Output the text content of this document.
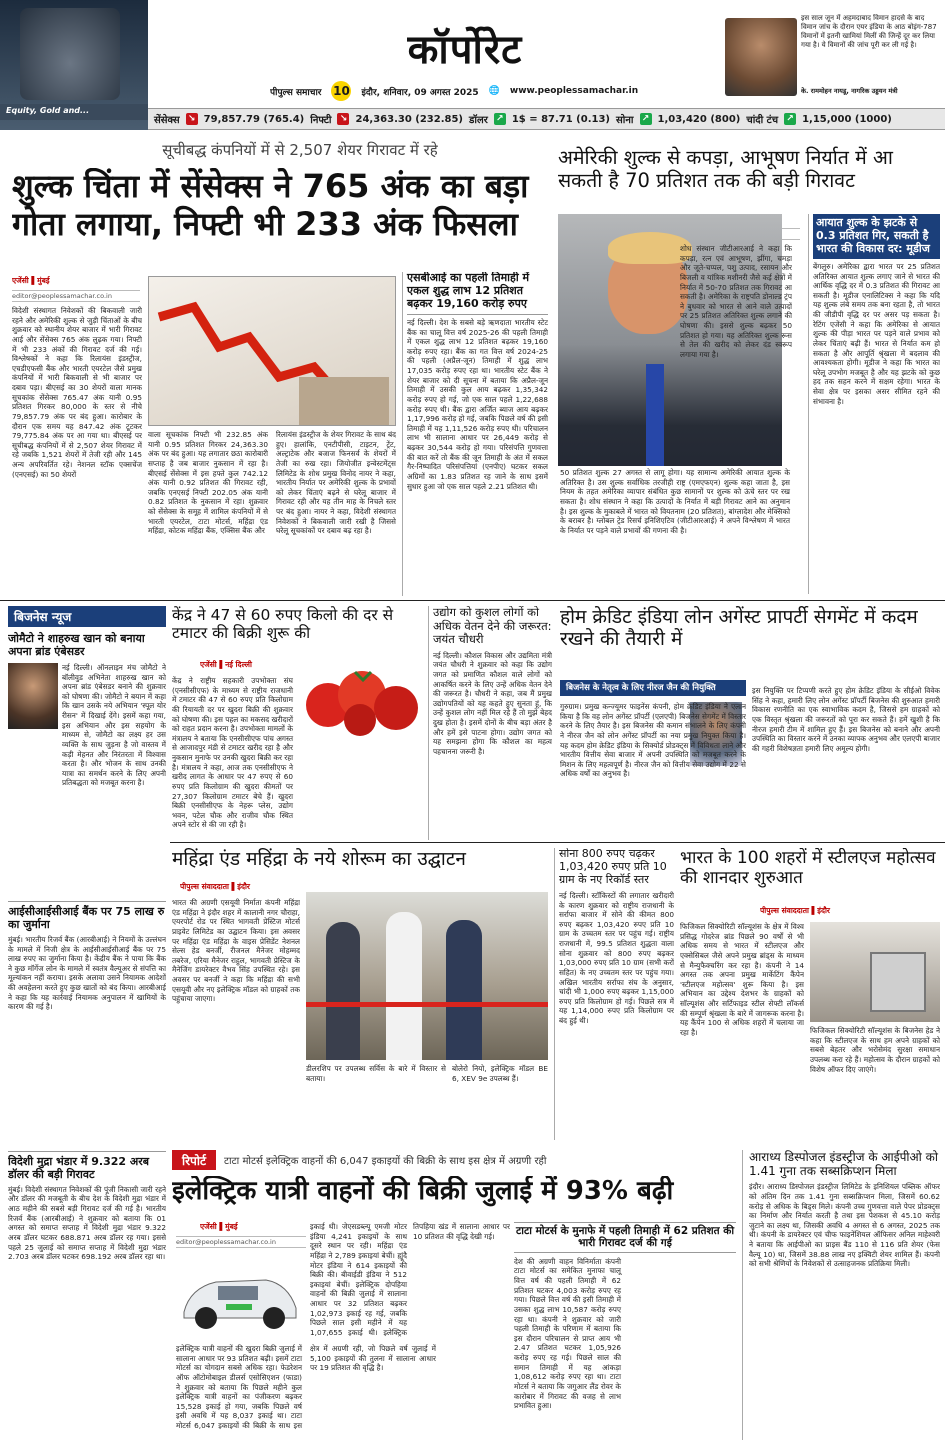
Equity, Gold and...
कॉर्पोरेट
पीपुल्स समाचार 10 इंदौर, शनिवार, 09 अगस्त 2025 🌐 www.peoplessamachar.in
इस साल जून में अहमदाबाद विमान हादसे के बाद विमान जांच के दौरान एयर इंडिया के आठ बोइंग-787 विमानों में इतनी खामियां मिलीं की जिन्हें दूर कर लिया गया है। ये विमानों की जांच पूरी कर ली गई है।
के. राममोहन नायडू, नागरिक उड्डयन मंत्री
सेंसेक्स ↘ 79,857.79 (765.4) निफ्टी ↘ 24,363.30 (232.85) डॉलर ↗ 1$ = 87.71 (0.13) सोना ↗ 1,03,420 (800) चांदी टंच ↗ 1,15,000 (1000)
सूचीबद्ध कंपनियों में से 2,507 शेयर गिरावट में रहे
शुल्क चिंता में सेंसेक्स ने 765 अंक का बड़ा गोता लगाया, निफ्टी भी 233 अंक फिसला
एजेंसी ▌मुंबई
editor@peoplessamachar.co.in
विदेशी संस्थागत निवेशकों की बिकवाली जारी रहने और अमेरिकी शुल्क से जुड़ी चिंताओं के बीच शुक्रवार को स्थानीय शेयर बाजार में भारी गिरावट आई और सेंसेक्स 765 अंक लुढ़क गया। निफ्टी में भी 233 अंकों की गिरावट दर्ज की गई। विश्लेषकों ने कहा कि रिलायंस इंडस्ट्रीज, एचडीएफसी बैंक और भारती एयरटेल जैसे प्रमुख कंपनियों में भारी बिकवाली से भी बाजार पर दबाव पड़ा। बीएसई का 30 शेयरों वाला मानक सूचकांक सेंसेक्स 765.47 अंक यानी 0.95 प्रतिशत गिरकर 80,000 के स्तर से नीचे 79,857.79 अंक पर बंद हुआ। कारोबार के दौरान एक समय यह 847.42 अंक टूटकर 79,775.84 अंक पर आ गया था। बीएसई पर सूचीबद्ध कंपनियों में से 2,507 शेयर गिरावट में रहे जबकि 1,521 शेयरों में तेजी रही और 145 अन्य अपरिवर्तित रहे। नेशनल स्टॉक एक्सचेंज (एनएसई) का 50 शेयरों
वाला सूचकांक निफ्टी भी 232.85 अंक यानी 0.95 प्रतिशत गिरकर 24,363.30 अंक पर बंद हुआ। यह लगातार छठा कारोबारी सप्ताह है जब बाजार नुकसान में रहा है। बीएसई सेंसेक्स में इस हफ्ते कुल 742.12 अंक यानी 0.92 प्रतिशत की गिरावट रही, जबकि एनएसई निफ्टी 202.05 अंक यानी 0.82 प्रतिशत के नुकसान में रहा। शुक्रवार को सेंसेक्स के समूह में शामिल कंपनियों में से भारती एयरटेल, टाटा मोटर्स, महिंद्रा एंड महिंद्रा, कोटक महिंद्रा बैंक, एक्सिस बैंक और
रिलायंस इंडस्ट्रीज के शेयर गिरावट के साथ बंद हुए। हालांकि, एनटीपीसी, टाइटन, ट्रेंट, अल्ट्राटेक और बजाज फिनसर्व के शेयरों में तेजी का रुख रहा। जियोजीत इन्वेस्टमेंट्स लिमिटेड के शोध प्रमुख विनोद नायर ने कहा, भारतीय निर्यात पर अमेरिकी शुल्क के प्रभावों को लेकर चिंताएं बढ़ने से घरेलू बाजार में गिरावट रही और यह तीन माह के निचले स्तर पर बंद हुआ। नायर ने कहा, विदेशी संस्थागत निवेशकों ने बिकवाली जारी रखी है जिससे घरेलू सूचकांकों पर दबाव बढ़ रहा है।
एसबीआई का पहली तिमाही में एकल शुद्ध लाभ 12 प्रतिशत बढ़कर 19,160 करोड़ रुपए
नई दिल्ली। देश के सबसे बड़े ऋणदाता भारतीय स्टेट बैंक का चालू वित्त वर्ष 2025-26 की पहली तिमाही में एकल शुद्ध लाभ 12 प्रतिशत बढ़कर 19,160 करोड़ रुपए रहा। बैंक का गत वित्त वर्ष 2024-25 की पहली (अप्रैल-जून) तिमाही में शुद्ध लाभ 17,035 करोड़ रुपए रहा था। भारतीय स्टेट बैंक ने शेयर बाजार को दी सूचना में बताया कि अप्रैल-जून तिमाही में उसकी कुल आय बढ़कर 1,35,342 करोड़ रुपए हो गई, जो एक साल पहले 1,22,688 करोड़ रुपए थी। बैंक द्वारा अर्जित ब्याज आय बढ़कर 1,17,996 करोड़ हो गई, जबकि पिछले वर्ष की इसी तिमाही में यह 1,11,526 करोड़ रुपए थी। परिचालन लाभ भी सालाना आधार पर 26,449 करोड़ से बढ़कर 30,544 करोड़ हो गया। परिसंपत्ति गुणवत्ता की बात करें तो बैंक की जून तिमाही के अंत में सकल गैर-निष्पादित परिसंपत्तियां (एनपीए) घटकर सकल अग्रिमों का 1.83 प्रतिशत रह जाने के साथ इसमें सुधार हुआ जो एक साल पहले 2.21 प्रतिशत थी।
अमेरिकी शुल्क से कपड़ा, आभूषण निर्यात में आ सकती है 70 प्रतिशत तक की बड़ी गिरावट
शोध संस्थान जीटीआरआई ने कहा कि कपड़ा, रत्न एवं आभूषण, झींगा, चमड़ा और जूते-चप्पल, पशु उत्पाद, रसायन और बिजली व यांत्रिक मशीनरी जैसे कई क्षेत्रों में निर्यात में 50-70 प्रतिशत तक गिरावट आ सकती है। अमेरिका के राष्ट्रपति डोनाल्ड ट्रंप ने बुधवार को भारत से आने वाले उत्पादों पर 25 प्रतिशत अतिरिक्त शुल्क लगाने की घोषणा की। इससे शुल्क बढ़कर 50 प्रतिशत हो गया। यह अतिरिक्त शुल्क रूस से तेल की खरीद को लेकर दंड स्वरूप लगाया गया है।
50 प्रतिशत शुल्क 27 अगस्त से लागू होगा। यह सामान्य अमेरिकी आयात शुल्क के अतिरिक्त है। उस शुल्क सर्वाधिक तरजीही राष्ट्र (एमएफएन) शुल्क कहा जाता है, इस नियम के तहत अमेरिका व्यापार संबंधित कुछ सामानों पर शुल्क को ऊंचे स्तर पर रख सकता है। शोध संस्थान ने कहा कि उत्पादों के निर्यात में बड़ी गिरावट आने का अनुमान है। इस शुल्क के मुकाबले में भारत को वियतनाम (20 प्रतिशत), बांग्लादेश और मेक्सिको के बराबर है। ग्लोबल ट्रेड रिसर्च इनिशिएटिव (जीटीआरआई) ने अपने विश्लेषण में भारत के निर्यात पर पड़ने वाले प्रभावों की गणना की है।
आयात शुल्क के झटके से 0.3 प्रतिशत गिर, सकती है भारत की विकास दर: मूडीज
बेंगलुरु। अमेरिका द्वारा भारत पर 25 प्रतिशत अतिरिक्त आयात शुल्क लगाए जाने से भारत की आर्थिक वृद्धि दर में 0.3 प्रतिशत की गिरावट आ सकती है। मूडीज एनालिटिक्स ने कहा कि यदि यह शुल्क लंबे समय तक बना रहता है, तो भारत की जीडीपी वृद्धि दर पर असर पड़ सकता है। रेटिंग एजेंसी ने कहा कि अमेरिका से आयात शुल्क की पीड़ा भारत पर पड़ने वाले प्रभाव को लेकर चिंताएं बढ़ी हैं। भारत से निर्यात कम हो सकता है और आपूर्ति श्रृंखला में बदलाव की आवश्यकता होगी। मूडीज ने कहा कि भारत का घरेलू उपभोग मजबूत है और यह झटके को कुछ हद तक सहन करने में सक्षम रहेगा। भारत के सेवा क्षेत्र पर इसका असर सीमित रहने की संभावना है।
बिजनेस न्यूज
जोमैटो ने शाहरुख खान को बनाया अपना ब्रांड एंबेसडर
नई दिल्ली। ऑनलाइन मंच जोमैटो ने बॉलीवुड अभिनेता शाहरुख खान को अपना ब्रांड एंबेसडर बनाने की शुक्रवार को घोषणा की। जोमैटो ने बयान में कहा कि खान उसके नये अभियान 'स्पूल योर रीसन' में दिखाई देंगे। इसमें कहा गया, इस अभियान और इस सहयोग के माध्यम से, जोमैटो का लक्ष्य हर उस व्यक्ति के साथ जुड़ना है जो वास्तव में कड़ी मेहनत और निरंतरता में विश्वास करता है। और भोजन के साथ उनकी यात्रा का समर्थन करने के लिए अपनी प्रतिबद्धता को मजबूत करना है।
आईसीआईसीआई बैंक पर 75 लाख रु का जुर्माना
मुंबई। भारतीय रिजर्व बैंक (आरबीआई) ने नियमों के उल्लंघन के मामले में निजी क्षेत्र के आईसीआईसीआई बैंक पर 75 लाख रुपए का जुर्माना किया है। केंद्रीय बैंक ने पाया कि बैंक ने कुछ मॉर्गेज लोन के मामले में स्वतंत्र वैल्यूअर से संपत्ति का मूल्यांकन नहीं कराया। इसके अलावा उसने नियामक आदेशों की अवहेलना करते हुए कुछ खातों को बंद किया। आरबीआई ने कहा कि यह कार्रवाई नियामक अनुपालन में खामियों के कारण की गई है।
विदेशी मुद्रा भंडार में 9.322 अरब डॉलर की बड़ी गिरावट
मुंबई। विदेशी संस्थागत निवेशकों की पूंजी निकासी जारी रहने और डॉलर की मजबूती के बीच देश के विदेशी मुद्रा भंडार में आठ महीने की सबसे बड़ी गिरावट दर्ज की गई है। भारतीय रिजर्व बैंक (आरबीआई) ने शुक्रवार को बताया कि 01 अगस्त को समाप्त सप्ताह में विदेशी मुद्रा भंडार 9.322 अरब डॉलर घटकर 688.871 अरब डॉलर रह गया। इससे पहले 25 जुलाई को समाप्त सप्ताह में विदेशी मुद्रा भंडार 2.703 अरब डॉलर घटकर 698.192 अरब डॉलर रहा था।
केंद्र ने 47 से 60 रुपए किलो की दर से टमाटर की बिक्री शुरू की
एजेंसी ▌नई दिल्ली
केंद्र ने राष्ट्रीय सहकारी उपभोक्ता संघ (एनसीसीएफ) के माध्यम से राष्ट्रीय राजधानी में टमाटर की 47 से 60 रुपए प्रति किलोग्राम की रियायती दर पर खुदरा बिक्री की शुक्रवार को घोषणा की। इस पहल का मकसद खरीदारों को राहत प्रदान करना है। उपभोक्ता मामलों के मंत्रालय ने बताया कि एनसीसीएफ पांच अगस्त से आजादपुर मंडी से टमाटर खरीद रहा है और नुकसान मुनाफे पर उनकी खुदरा बिक्री कर रहा है। मंत्रालय ने कहा, आज तक एनसीसीएफ ने खरीद लागत के आधार पर 47 रुपए से 60 रुपए प्रति किलोग्राम की खुदरा कीमतों पर 27,307 किलोग्राम टमाटर बेचे हैं। खुदरा बिक्री एनसीसीएफ के नेहरू प्लेस, उद्योग भवन, पटेल चौक और राजीव चौक स्थित अपने स्टोर से की जा रही है।
उद्योग को कुशल लोगों को अधिक वेतन देने की जरूरत: जयंत चौधरी
नई दिल्ली। कौशल विकास और उद्यमिता मंत्री जयंत चौधरी ने शुक्रवार को कहा कि उद्योग जगत को प्रमाणित कौशल वाले लोगों को आकर्षित करने के लिए उन्हें अधिक वेतन देने की जरूरत है। चौधरी ने कहा, जब मैं प्रमुख उद्योगपतियों को यह कहते हुए सुनता हूं, कि उन्हें कुशल लोग नहीं मिल रहे हैं तो मुझे बेहद दुख होता है। इसमें दोनों के बीच बड़ा अंतर है और हमें इसे पाटना होगा। उद्योग जगत को यह समझना होगा कि कौशल का महत्व पहचानना जरूरी है।
होम क्रेडिट इंडिया लोन अगेंस्ट प्रापर्टी सेगमेंट में कदम रखने की तैयारी में
बिजनेस के नेतृत्व के लिए नीरज जैन की नियुक्ति
गुरुग्राम। प्रमुख कन्ज्यूमर फाइनेंस कंपनी, होम क्रेडिट इंडिया ने एलान किया है कि वह लोन अगेंस्ट प्रॉपर्टी (एलएपी) बिजनेस सेगमेंट में विस्तार करने के लिए तैयार है। इस बिजनेस की कमान संभालने के लिए कंपनी ने नीरज जैन को लोन अगेंस्ट प्रॉपर्टी का नया प्रमुख नियुक्त किया है। यह कदम होम क्रेडिट इंडिया के सिक्योर्ड प्रोडक्ट्स में विविधता लाने और भारतीय वित्तीय सेवा बाजार में अपनी उपस्थिति को मजबूत करने के मिशन के लिए महत्वपूर्ण है। नीरज जैन को वित्तीय सेवा उद्योग में 22 से अधिक वर्षों का अनुभव है।
इस नियुक्ति पर टिप्पणी करते हुए होम क्रेडिट इंडिया के सीईओ विवेक सिंह ने कहा, हमारी लिए लोन अगेंस्ट प्रॉपर्टी बिजनेस की शुरुआत हमारी विकास रणनीति का एक स्वाभाविक कदम है, जिससे हम ग्राहकों को एक विस्तृत श्रृंखला की जरूरतों को पूरा कर सकते हैं। हमें खुशी है कि नीरज हमारी टीम में शामिल हुए हैं। इस बिजनेस को बनाने और अपनी उपस्थिति का विस्तार करने में उनका व्यापक अनुभव और एलएपी बाजार की गहरी विशेषज्ञता हमारी लिए अमूल्य होगी।
महिंद्रा एंड महिंद्रा के नये शोरूम का उद्घाटन
पीपुल्स संवाददाता ▌इंदौर
भारत की अग्रणी एसयूवी निर्माता कंपनी महिंद्रा एंड महिंद्रा ने इंदौर शहर में कालानी नगर चौराहा, एयरपोर्ट रोड पर स्थित भागवती प्रेस्टिज मोटर्स प्राइवेट लिमिटेड का उद्घाटन किया। इस अवसर पर महिंद्रा एंड महिंद्रा के वाइस प्रेसिडेंट नेशनल सेल्स हेड बनर्जी, रीजनल मैनेजर मोहम्मद तबरेज, एरिया मैनेजर राहुल, भागवती प्रेस्टिज के मैनेजिंग डायरेक्टर वैभव सिंह उपस्थित रहे। इस अवसर पर बनर्जी ने कहा कि महिंद्रा की सभी एसयूवी और नए इलेक्ट्रिक मॉडल को ग्राहकों तक पहुंचाया जाएगा।
डीलरशिप पर उपलब्ध सर्विस के बारे में विस्तार से बताया।
बोलेरो नियो, इलेक्ट्रिक मॉडल BE 6, XEV 9e उपलब्ध हैं।
सोना 800 रुपए चढ़कर 1,03,420 रुपए प्रति 10 ग्राम के नए रिकॉर्ड स्तर
नई दिल्ली। स्टॉकिस्टों की लगातार खरीदारी के कारण शुक्रवार को राष्ट्रीय राजधानी के सर्राफा बाजार में सोने की कीमत 800 रुपए बढ़कर 1,03,420 रुपए प्रति 10 ग्राम के उच्चतम स्तर पर पहुंच गई। राष्ट्रीय राजधानी में, 99.5 प्रतिशत शुद्धता वाला सोना शुक्रवार को 800 रुपए बढ़कर 1,03,000 रुपए प्रति 10 ग्राम (सभी करों सहित) के नए उच्चतम स्तर पर पहुंच गया। अखिल भारतीय सर्राफा संघ के अनुसार, चांदी भी 1,000 रुपए बढ़कर 1,15,000 रुपए प्रति किलोग्राम हो गई। पिछले सत्र में यह 1,14,000 रुपए प्रति किलोग्राम पर बंद हुई थी।
भारत के 100 शहरों में स्टीलएज महोत्सव की शानदार शुरुआत
पीपुल्स संवाददाता ▌इंदौर
फिजिकल सिक्योरिटी सॉल्यूशंस के क्षेत्र में विश्व प्रसिद्ध गोदरेज ब्रांड पिछले 90 वर्षों से भी अधिक समय से भारत में स्टीलएज और एक्सेसिबल जैसे अपने प्रमुख ब्रांड्स के माध्यम से मैन्युफैक्चरिंग कर रहा है। कंपनी ने 14 अगस्त तक अपना प्रमुख मार्केटिंग कैंपेन 'स्टीलएज महोत्सव' शुरू किया है। इस अभियान का उद्देश्य देशभर के ग्राहकों को सॉल्यूशंस और सर्टिफाइड स्टील सेफ्टी लॉकर्स की सम्पूर्ण श्रृंखला के बारे में जागरूक करना है। यह कैंपेन 100 से अधिक शहरों में चलाया जा रहा है।	फिजिकल सिक्योरिटी सॉल्यूशंस के बिजनेस हेड ने कहा कि स्टीलएज के साथ हम अपने ग्राहकों को सबसे बेहतर और भरोसेमंद सुरक्षा समाधान उपलब्ध करा रहे हैं। महोत्सव के दौरान ग्राहकों को विशेष ऑफर दिए जाएंगे।
रिपोर्ट	टाटा मोटर्स इलेक्ट्रिक वाहनों की 6,047 इकाइयों की बिक्री के साथ इस क्षेत्र में अग्रणी रही
इलेक्ट्रिक यात्री वाहनों की बिक्री जुलाई में 93% बढ़ी
एजेंसी ▌मुंबई
editor@peoplessamachar.co.in
इलेक्ट्रिक यात्री वाहनों की खुदरा बिक्री जुलाई में सालाना आधार पर 93 प्रतिशत बढ़ी। इसमें टाटा मोटर्स का योगदान सबसे अधिक रहा। फेडरेशन ऑफ ऑटोमोबाइल डीलर्स एसोसिएशन (फाडा) ने शुक्रवार को बताया कि पिछले महीने कुल इलेक्ट्रिक यात्री वाहनों का पंजीकरण बढ़कर 15,528 इकाई हो गया, जबकि पिछले वर्ष इसी अवधि में यह 8,037 इकाई था। टाटा मोटर्स 6,047 इकाइयों की बिक्री के साथ इस क्षेत्र में अग्रणी रही, जो पिछले वर्ष जुलाई में 5,100 इकाइयों की तुलना में सालाना आधार पर 19 प्रतिशत की वृद्धि है।
इकाई थी। जेएसडब्ल्यू एमजी मोटर इंडिया 4,241 इकाइयों के साथ दूसरे स्थान पर रही। महिंद्रा एंड महिंद्रा ने 2,789 इकाइयां बेचीं। ह्यूंदै मोटर इंडिया ने 614 इकाइयों की बिक्री की। बीवाईडी इंडिया ने 512 इकाइयां बेचीं। इलेक्ट्रिक दोपहिया वाहनों की बिक्री जुलाई में सालाना आधार पर 32 प्रतिशत बढ़कर 1,02,973 इकाई रह गई, जबकि पिछले साल इसी महीने में यह 1,07,655 इकाई थी। इलेक्ट्रिक तिपहिया खंड में सालाना आधार पर 10 प्रतिशत की वृद्धि देखी गई।	टाटा मोटर्स के मुनाफे में पहली तिमाही में 62 प्रतिशत की भारी गिरावट दर्ज की गई
देश की अग्रणी वाहन विनिर्माता कंपनी टाटा मोटर्स का समेकित मुनाफा चालू वित्त वर्ष की पहली तिमाही में 62 प्रतिशत घटकर 4,003 करोड़ रुपए रह गया। पिछले वित्त वर्ष की इसी तिमाही में उसका शुद्ध लाभ 10,587 करोड़ रुपए रहा था। कंपनी ने शुक्रवार को जारी पहली तिमाही के परिणाम में बताया कि इस दौरान परिचालन से प्राप्त आय भी 2.47 प्रतिशत घटकर 1,05,926 करोड़ रुपए रह गई। पिछले साल की समान तिमाही में यह आंकड़ा 1,08,612 करोड़ रुपए रहा था। टाटा मोटर्स ने बताया कि जगुआर लैंड रोवर के कारोबार में गिरावट की वजह से लाभ प्रभावित हुआ।
आराध्य डिस्पोजल इंडस्ट्रीज के आईपीओ को 1.41 गुना तक सब्सक्रिप्शन मिला
इंदौर। आराध्य डिस्पोजल इंडस्ट्रीज लिमिटेड के इनिशियल पब्लिक ऑफर को अंतिम दिन तक 1.41 गुना सब्सक्रिप्शन मिला, जिसमें 60.62 करोड़ से अधिक के बिड्स मिले। कंपनी उच्च गुणवत्ता वाले पेपर प्रोडक्ट्स का निर्माण और निर्यात करती है तथा इस पेशकश से 45.10 करोड़ जुटाने का लक्ष्य था, जिसकी अवधि 4 अगस्त से 6 अगस्त, 2025 तक थी। कंपनी के डायरेक्टर एवं चीफ फाइनेंशियल ऑफिसर अनिल माहेश्वरी ने बताया कि आईपीओ का प्राइस बैंड 110 से 116 प्रति शेयर (फेस वैल्यू 10) था, जिसमें 38.88 लाख नए इक्विटी शेयर शामिल हैं। कंपनी को सभी श्रेणियों के निवेशकों से उत्साहजनक प्रतिक्रिया मिली।
